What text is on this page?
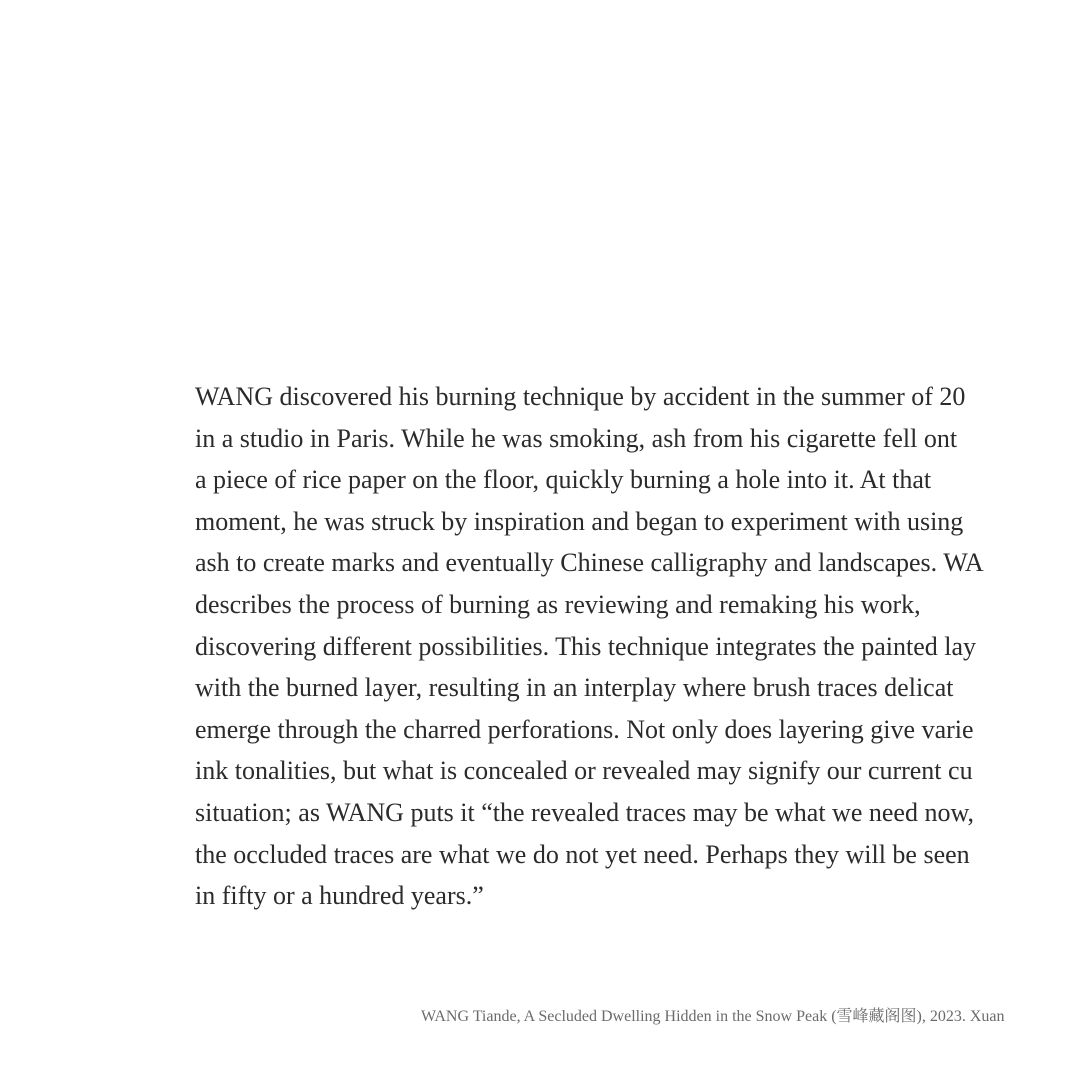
WANG discovered his burning technique by accident in the summer of 20
in a studio in Paris. While he was smoking, ash from his cigarette fell ont
a piece of rice paper on the floor, quickly burning a hole into it. At that
moment, he was struck by inspiration and began to experiment with using
ash to create marks and eventually Chinese calligraphy and landscapes. WA
describes the process of burning as reviewing and remaking his work,
discovering different possibilities. This technique integrates the painted lay
with the burned layer, resulting in an interplay where brush traces delicat
emerge through the charred perforations. Not only does layering give varie
ink tonalities, but what is concealed or revealed may signify our current cu
situation; as WANG puts it “the revealed traces may be what we need now,
the occluded traces are what we do not yet need. Perhaps they will be seen
in fifty or a hundred years.”

WANG Tiande, A Secluded Dwelling Hidden in the Snow Peak (雪峰藏阁图), 2023. Xuan
